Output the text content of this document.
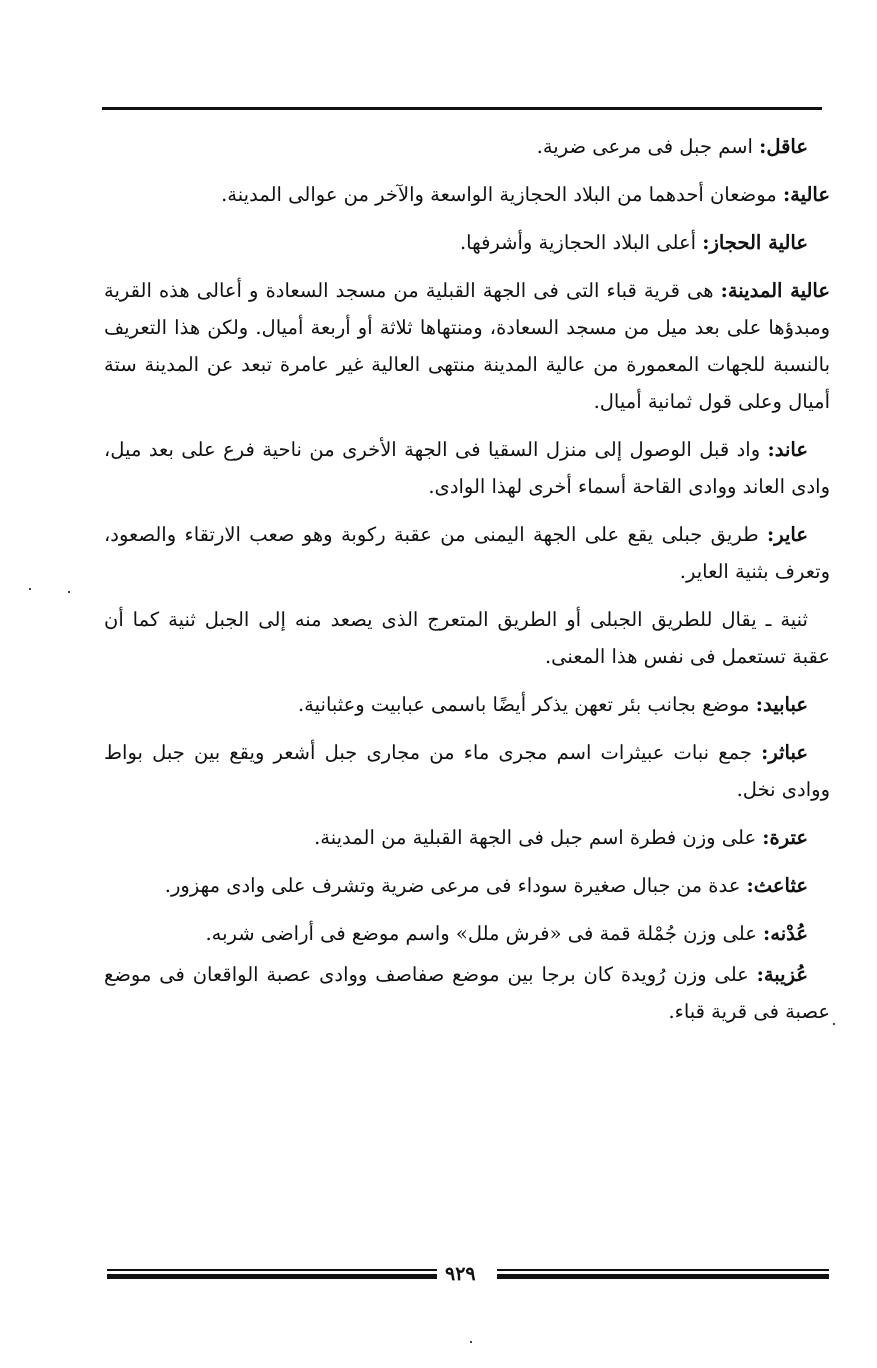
عاقل: اسم جبل فى مرعى ضرية.

عالية: موضعان أحدهما من البلاد الحجازية الواسعة والآخر من عوالى المدينة.

عالية الحجاز: أعلى البلاد الحجازية وأشرفها.

عالية المدينة: هى قرية قباء التى فى الجهة القبلية من مسجد السعادة و أعالى هذه القرية ومبدؤها على بعد ميل من مسجد السعادة، ومنتهاها ثلاثة أو أربعة أميال. ولكن هذا التعريف بالنسبة للجهات المعمورة من عالية المدينة منتهى العالية غير عامرة تبعد عن المدينة ستة أميال وعلى قول ثمانية أميال.

عاند: واد قبل الوصول إلى منزل السقيا فى الجهة الأخرى من ناحية فرع على بعد ميل، وادى العاند ووادى القاحة أسماء أخرى لهذا الوادى.

عاير: طريق جبلى يقع على الجهة اليمنى من عقبة ركوبة وهو صعب الارتقاء والصعود، وتعرف بثنية العاير.

ثنية ـ يقال للطريق الجبلى أو الطريق المتعرج الذى يصعد منه إلى الجبل ثنية كما أن عقبة تستعمل فى نفس هذا المعنى.

عبابيد: موضع بجانب بئر تعهن يذكر أيضًا باسمى عبابيت وعثبانية.

عباثر: جمع نبات عبيثرات اسم مجرى ماء من مجارى جبل أشعر ويقع بين جبل بواط ووادى نخل.

عترة: على وزن فطرة اسم جبل فى الجهة القبلية من المدينة.

عثاعث: عدة من جبال صغيرة سوداء فى مرعى ضرية وتشرف على وادى مهزور.

عُدْنه: على وزن جُمْلة قمة فى «فرش ملل» واسم موضع فى أراضى شربه.

عُزيبة: على وزن رُويدة كان برجا بين موضع صفاصف ووادى عصبة الواقعان فى موضع عصبة فى قرية قباء.

٩٢٩
